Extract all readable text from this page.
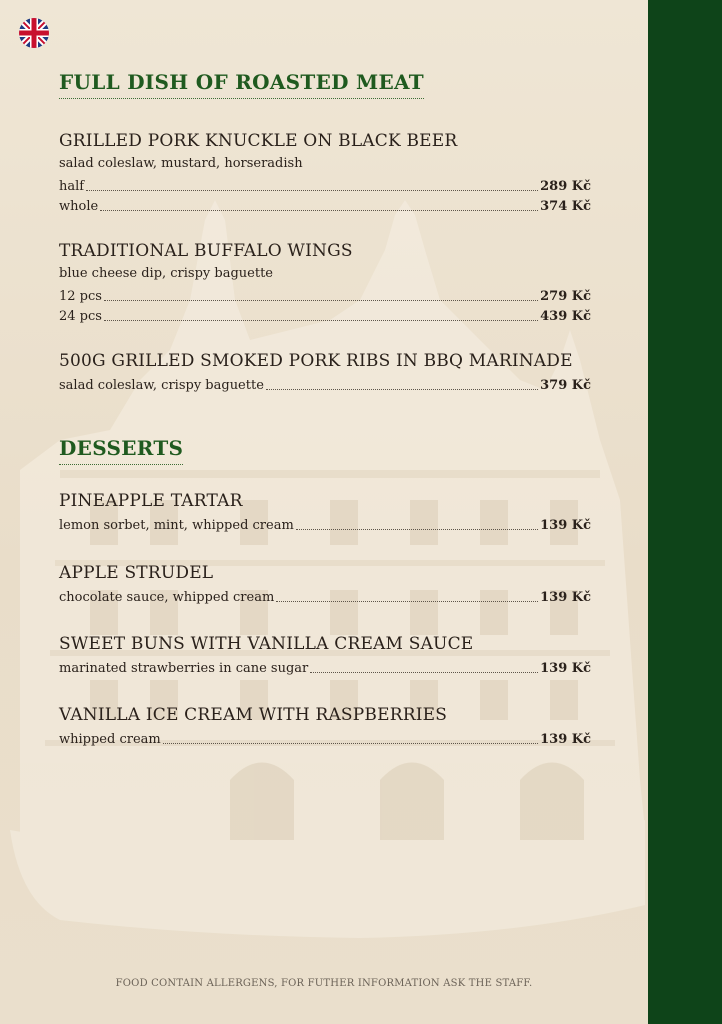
FULL DISH OF ROASTED MEAT
GRILLED PORK KNUCKLE ON BLACK BEER
salad coleslaw, mustard, horseradish
half	289 Kč
whole	374 Kč
TRADITIONAL BUFFALO WINGS
blue cheese dip, crispy baguette
12 pcs	279 Kč
24 pcs	439 Kč
500G GRILLED SMOKED PORK RIBS IN BBQ MARINADE
salad coleslaw, crispy baguette	379 Kč
DESSERTS
PINEAPPLE TARTAR
lemon sorbet, mint, whipped cream	139 Kč
APPLE STRUDEL
chocolate sauce, whipped cream	139 Kč
SWEET BUNS WITH VANILLA CREAM SAUCE
marinated strawberries in cane sugar	139 Kč
VANILLA ICE CREAM WITH RASPBERRIES
whipped cream	139 Kč
FOOD CONTAIN ALLERGENS, FOR FUTHER INFORMATION ASK THE STAFF.
